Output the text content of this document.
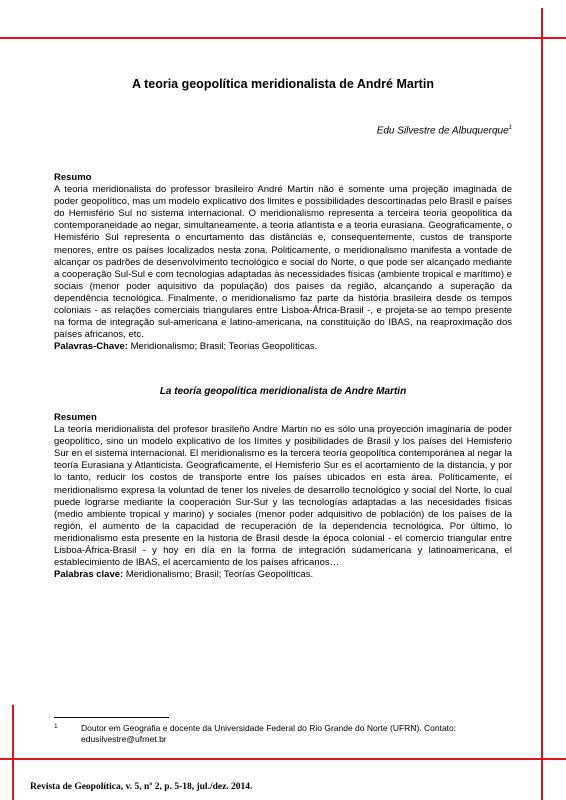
A teoria geopolítica meridionalista de André Martin
Edu Silvestre de Albuquerque$^1$
Resumo

A teoria meridionalista do professor brasileiro André Martin não é somente uma projeção imaginada de poder geopolítico, mas um modelo explicativo dos limites e possibilidades descortinadas pelo Brasil e países do Hemisfério Sul no sistema internacional. O meridionalismo representa a terceira teoria geopolítica da contemporaneidade ao negar, simultaneamente, a teoria atlantista e a teoria eurasiana. Geograficamente, o Hemisfério Sul representa o encurtamento das distâncias e, consequentemente, custos de transporte menores, entre os países localizados nesta zona. Politicamente, o meridionalismo manifesta a vontade de alcançar os padrões de desenvolvimento tecnológico e social do Norte, o que pode ser alcançado mediante a cooperação Sul-Sul e com tecnologias adaptadas às necessidades físicas (ambiente tropical e marítimo) e sociais (menor poder aquisitivo da população) dos países da região, alcançando a superação da dependência tecnológica. Finalmente, o meridionalismo faz parte da história brasileira desde os tempos coloniais - as relações comerciais triangulares entre Lisboa-África-Brasil -, e projeta-se ao tempo presente na forma de integração sul-americana e latino-americana, na constituição do IBAS, na reaproximação dos países africanos, etc.

Palavras-Chave: Meridionalismo; Brasil; Teorias Geopolíticas.
La teoría geopolítica meridionalista de Andre Martin
Resumen

La teoría meridionalista del profesor brasileño Andre Martin no es sólo una proyección imaginaria de poder geopolítico, sino un modelo explicativo de los límites y posibilidades de Brasil y los países del Hemisferio Sur en el sistema internacional. El meridionalismo es la tercera teoría geopolítica contemporánea al negar la teoría Eurasiana y Atlanticista. Geograficamente, el Hemisferio Sur es el acortamiento de la distancia, y por lo tanto, reducir los costos de transporte entre los países ubicados en esta área. Políticamente, el meridionalismo expresa la voluntad de tener los niveles de desarrollo tecnológico y social del Norte, lo cual puede lograrse mediante la cooperación Sur-Sur y las tecnologías adaptadas a las necesidades físicas (medio ambiente tropical y marino) y sociales (menor poder adquisitivo de población) de los países de la región, el aumento de la capacidad de recuperación de la dependencia tecnológica. Por último, lo meridionalismo esta presente en la historia de Brasil desde la época colonial - el comercio triangular entre Lisboa-África-Brasil - y hoy en día en la forma de integración sudamericana y latinoamericana, el establecimiento de IBAS, el acercamiento de los países africanos…

Palabras clave: Meridionalismo; Brasil; Teorías Geopolíticas.
1	Doutor em Geografia e docente da Universidade Federal do Rio Grande do Norte (UFRN). Contato: edusilvestre@ufrnet.br
Revista de Geopolítica, v. 5, nº 2, p. 5-18, jul./dez. 2014.
